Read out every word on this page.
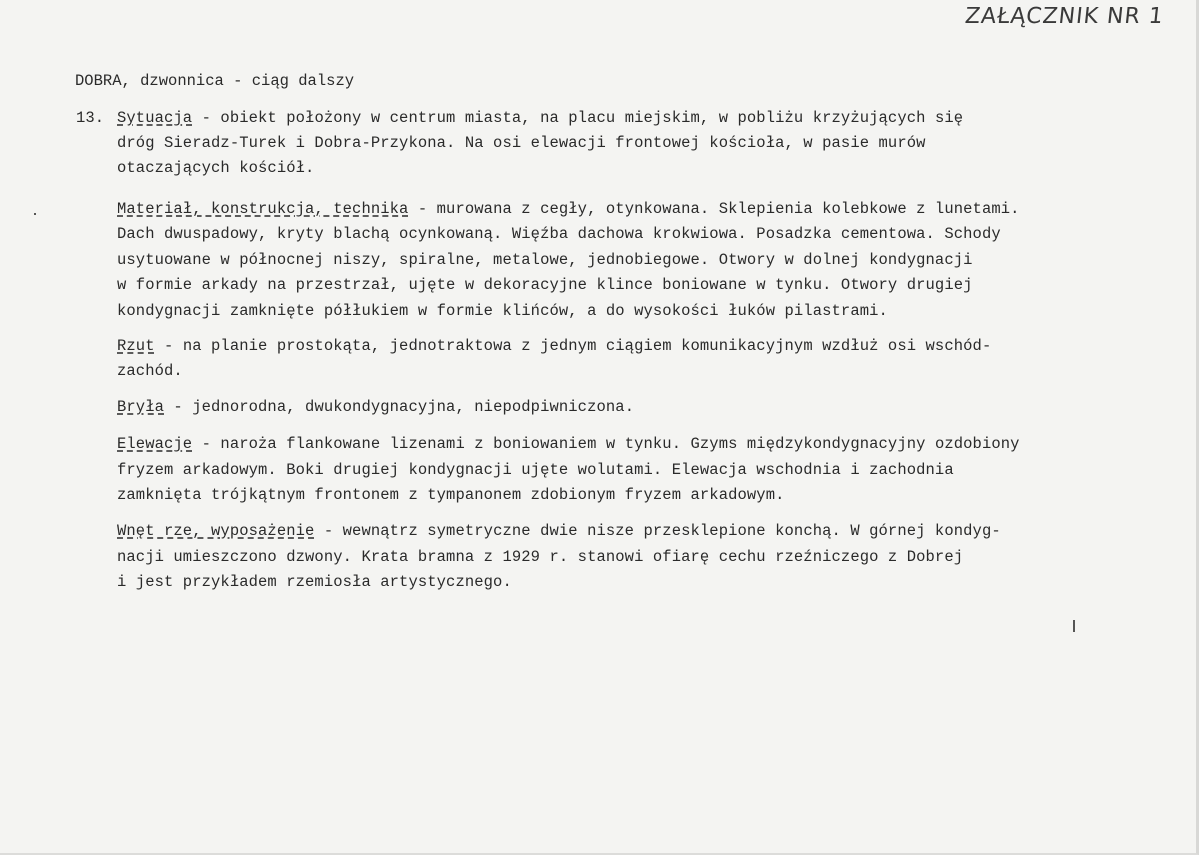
ZAŁĄCZNIK NR 1
DOBRA, dzwonnica - ciąg dalszy
13. Sytuacja - obiekt położony w centrum miasta, na placu miejskim, w pobliżu krzyżujących się
dróg Sieradz-Turek i Dobra-Przykona. Na osi elewacji frontowej kościoła, w pasie murów
otaczających kościół.
Materiał, konstrukcja, technika - murowana z cegły, otynkowana. Sklepienia kolebkowe z lunetami.
Dach dwuspadowy, kryty blachą ocynkowaną. Więźba dachowa krokwiowa. Posadzka cementowa. Schody
usytuowane w północnej niszy, spiralne, metalowe, jednobiegowe. Otwory w dolnej kondygnacji
w formie arkady na przestrzał, ujęte w dekoracyjne klince boniowane w tynku. Otwory drugiej
kondygnacji zamknięte półłukiem w formie klińców, a do wysokości łuków pilastrami.
Rzut - na planie prostokąta, jednotraktowa z jednym ciągiem komunikacyjnym wzdłuż osi wschód-
zachód.
Bryła - jednorodna, dwukondygnacyjna, niepodpiwniczona.
Elewacje - naroża flankowane lizenami z boniowaniem w tynku. Gzyms międzykondygnacyjny ozdobiony
fryzem arkadowym. Boki drugiej kondygnacji ujęte wolutami. Elewacja wschodnia i zachodnia
zamknięta trójkątnym frontonem z tympanonem zdobionym fryzem arkadowym.
Wnęt rze, wyposażenie - wewnątrz symetryczne dwie nisze przesklepione konchą. W górnej kondyg-
nacji umieszczono dzwony. Krata bramna z 1929 r. stanowi ofiarę cechu rzeźniczego z Dobrej
i jest przykładem rzemiosła artystycznego.
